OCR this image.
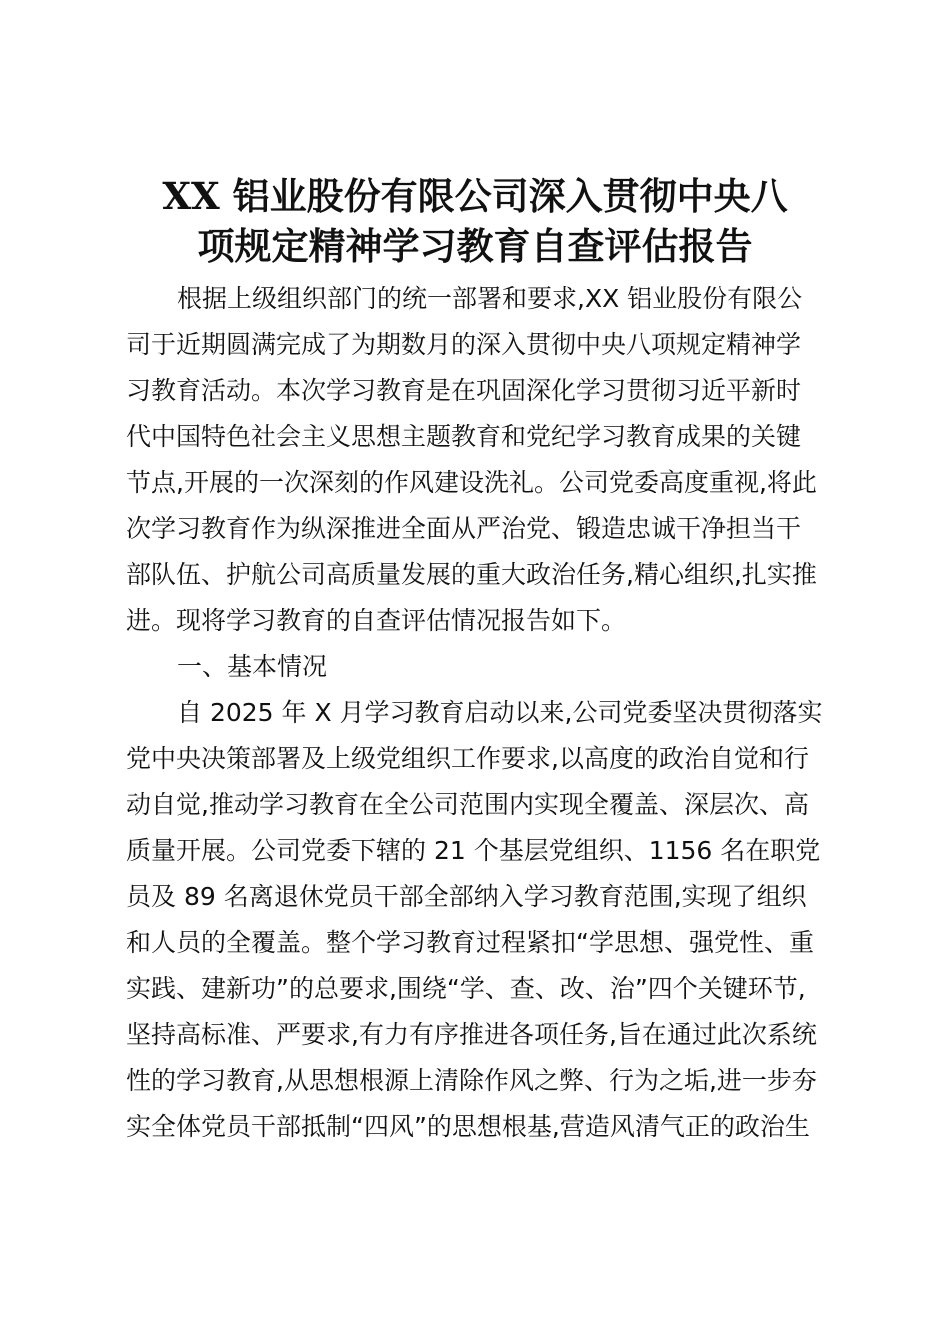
XX 铝业股份有限公司深入贯彻中央八
项规定精神学习教育自查评估报告

根据上级组织部门的统一部署和要求,XX 铝业股份有限公

司于近期圆满完成了为期数月的深入贯彻中央八项规定精神学

习教育活动。本次学习教育是在巩固深化学习贯彻习近平新时

代中国特色社会主义思想主题教育和党纪学习教育成果的关键

节点,开展的一次深刻的作风建设洗礼。公司党委高度重视,将此

次学习教育作为纵深推进全面从严治党、锻造忠诚干净担当干

部队伍、护航公司高质量发展的重大政治任务,精心组织,扎实推

进。现将学习教育的自查评估情况报告如下。

一、基本情况

自 2025 年 X 月学习教育启动以来,公司党委坚决贯彻落实

党中央决策部署及上级党组织工作要求,以高度的政治自觉和行

动自觉,推动学习教育在全公司范围内实现全覆盖、深层次、高

质量开展。公司党委下辖的 21 个基层党组织、1156 名在职党

员及 89 名离退休党员干部全部纳入学习教育范围,实现了组织

和人员的全覆盖。整个学习教育过程紧扣“学思想、强党性、重

实践、建新功”的总要求,围绕“学、查、改、治”四个关键环节,

坚持高标准、严要求,有力有序推进各项任务,旨在通过此次系统

性的学习教育,从思想根源上清除作风之弊、行为之垢,进一步夯

实全体党员干部抵制“四风”的思想根基,营造风清气正的政治生
